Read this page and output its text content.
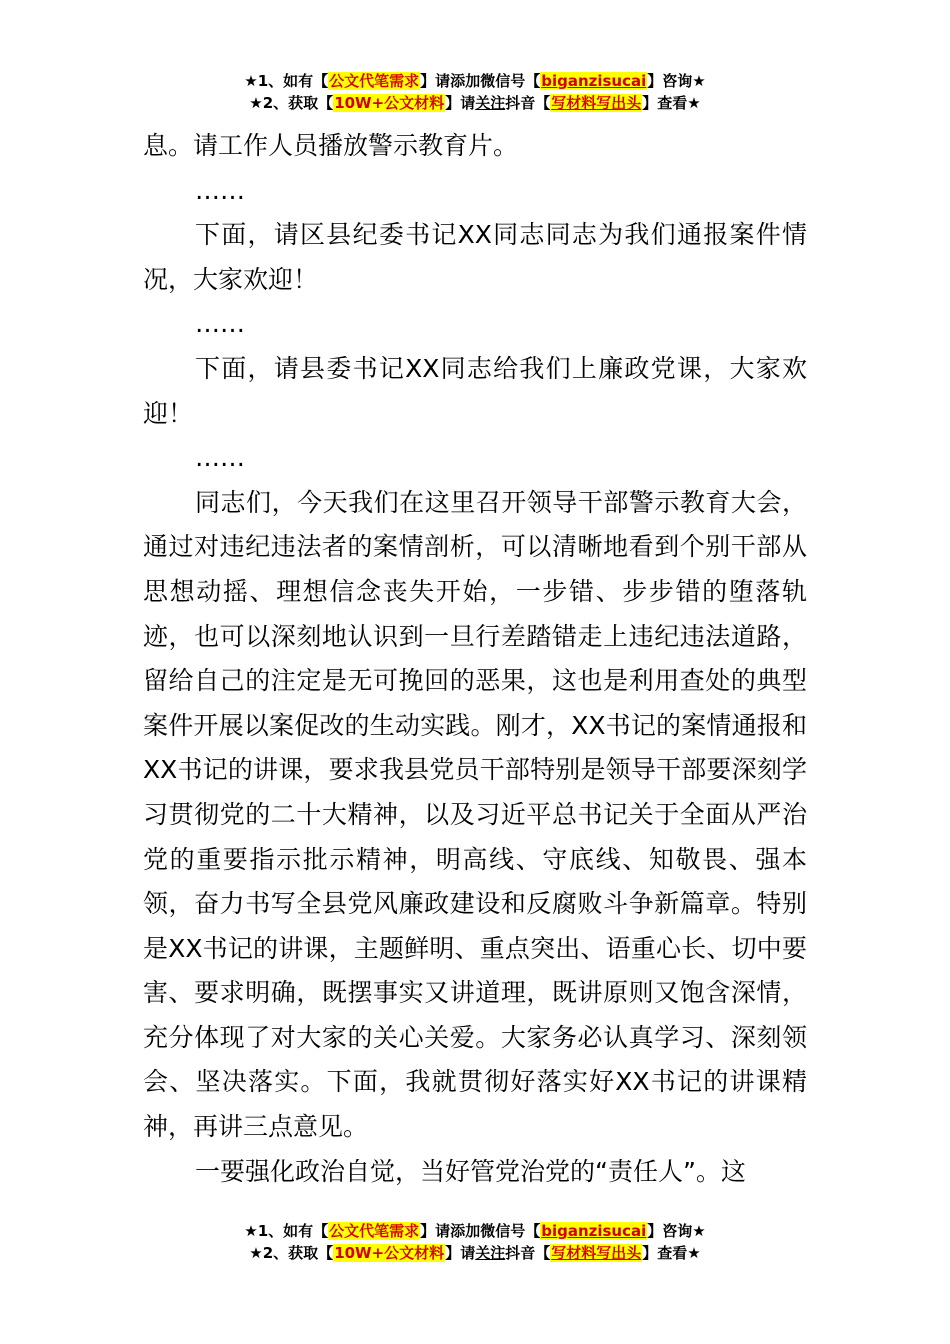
★1、如有【公文代笔需求】请添加微信号【biganzisucai】咨询★
★2、获取【10W+公文材料】请关注抖音【写材料写出头】查看★

息。请工作人员播放警示教育片。

……

下面，请区县纪委书记XX同志同志为我们通报案件情况，大家欢迎！

……

下面，请县委书记XX同志给我们上廉政党课，大家欢迎！

……

同志们，今天我们在这里召开领导干部警示教育大会，通过对违纪违法者的案情剖析，可以清晰地看到个别干部从思想动摇、理想信念丧失开始，一步错、步步错的堕落轨迹，也可以深刻地认识到一旦行差踏错走上违纪违法道路，留给自己的注定是无可挽回的恶果，这也是利用查处的典型案件开展以案促改的生动实践。刚才，XX书记的案情通报和XX书记的讲课，要求我县党员干部特别是领导干部要深刻学习贯彻党的二十大精神，以及习近平总书记关于全面从严治党的重要指示批示精神，明高线、守底线、知敬畏、强本领，奋力书写全县党风廉政建设和反腐败斗争新篇章。特别是XX书记的讲课，主题鲜明、重点突出、语重心长、切中要害、要求明确，既摆事实又讲道理，既讲原则又饱含深情，充分体现了对大家的关心关爱。大家务必认真学习、深刻领会、坚决落实。下面，我就贯彻好落实好XX书记的讲课精神，再讲三点意见。

一要强化政治自觉，当好管党治党的“责任人”。这

★1、如有【公文代笔需求】请添加微信号【biganzisucai】咨询★
★2、获取【10W+公文材料】请关注抖音【写材料写出头】查看★
